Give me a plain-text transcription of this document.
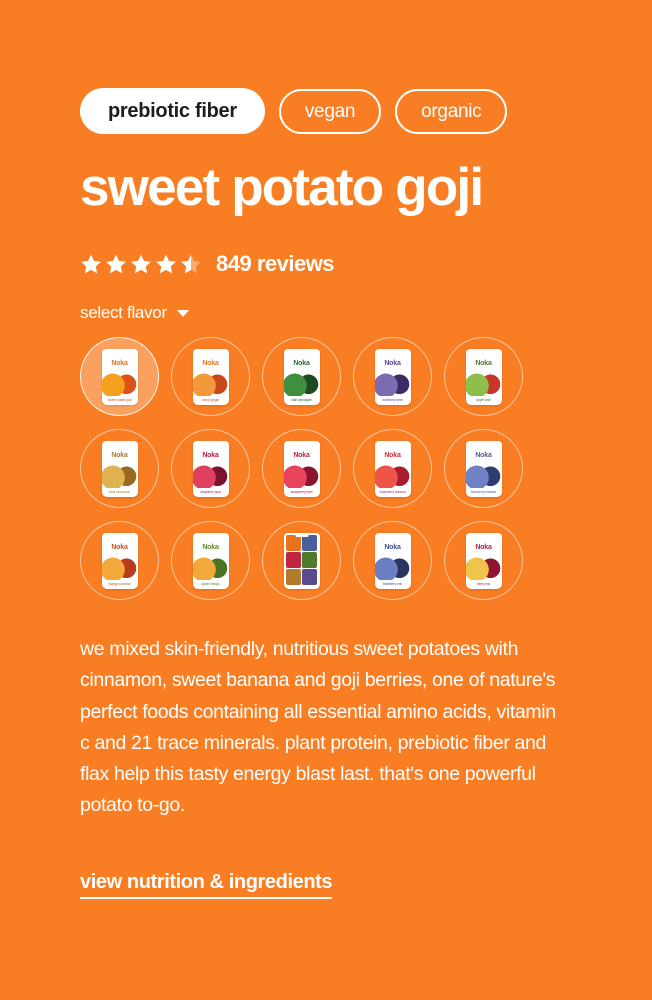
prebiotic fiber	vegan	organic
sweet potato goji
849 reviews
select flavor
Noka
sweet potato goji
Noka
carrot ginger
Noka
kale pineapple
Noka
blueberry beet
Noka
apple kale
Noka
pear cinnamon
Noka
raspberry acai
Noka
strawberry beet
Noka
strawberry banana
Noka
blueberry banana
Noka
mango coconut
Noka
apple mango
Noka
blueberry mix
Noka
berry mix

we mixed skin-friendly, nutritious sweet potatoes with cinnamon, sweet banana and goji berries, one of nature's perfect foods containing all essential amino acids, vitamin c and 21 trace minerals. plant protein, prebiotic fiber and flax help this tasty energy blast last. that's one powerful potato to-go.

view nutrition & ingredients
